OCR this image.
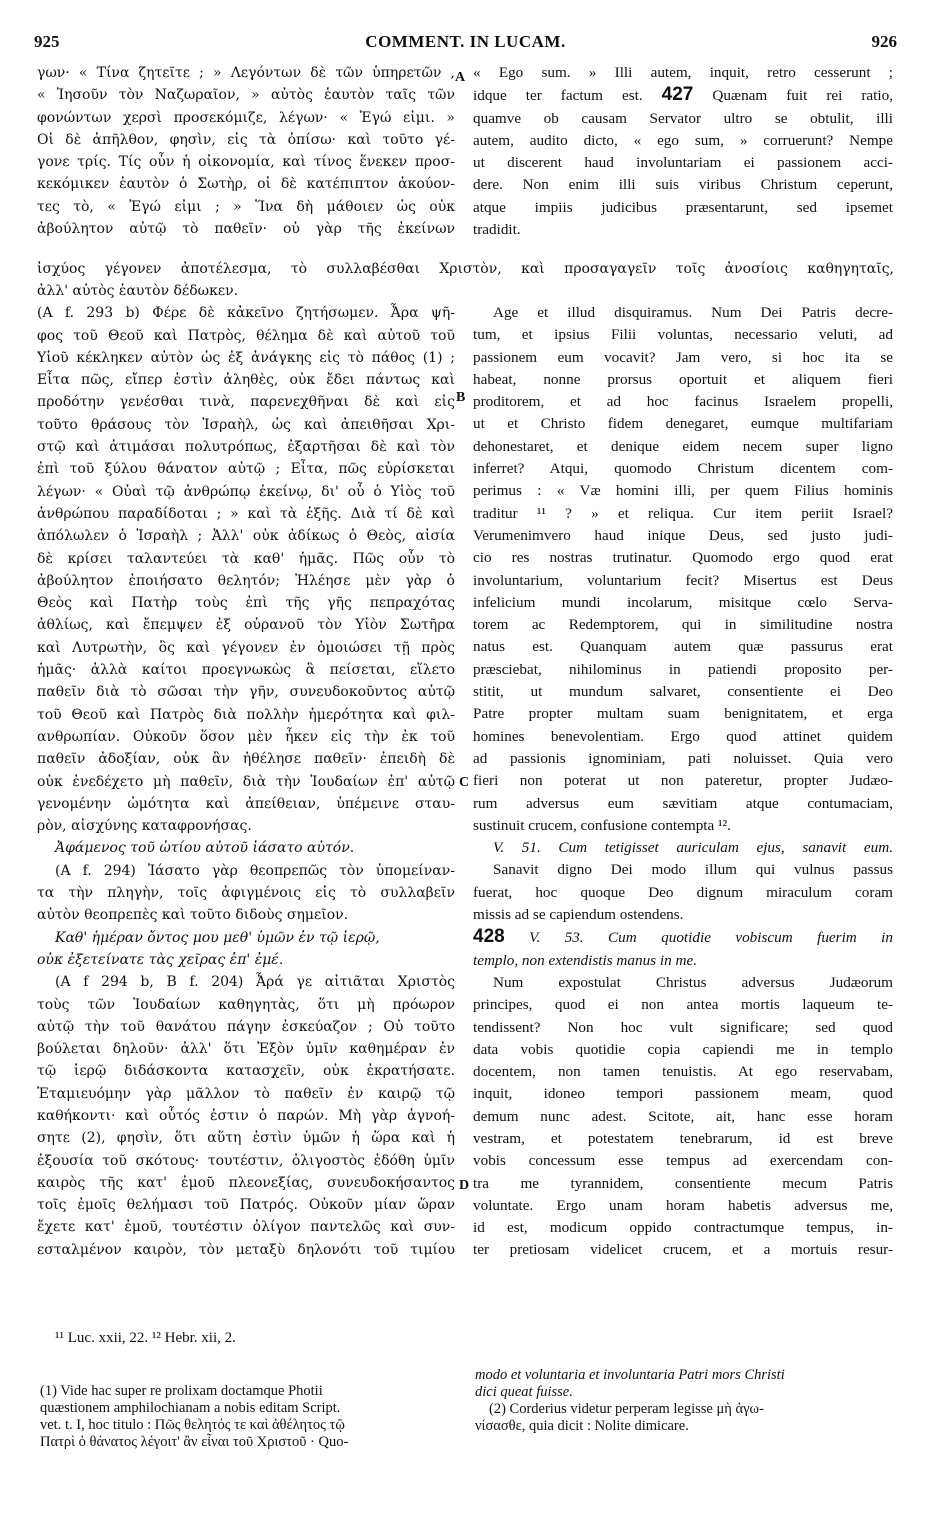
925	COMMENT. IN LUCAM.	926

γων· « Τίνα ζητεῖτε ; » Λεγόντων δὲ τῶν ὑπηρετῶν ,

« Ἰησοῦν τὸν Ναζωραῖον, » αὐτὸς ἑαυτὸν ταῖς τῶν

φονώντων χερσὶ προσεκόμιζε, λέγων· « Ἐγώ εἰμι. »

Οἱ δὲ ἀπῆλθον, φησὶν, εἰς τὰ ὀπίσω· καὶ τοῦτο γέ-

γονε τρίς. Τίς οὖν ἡ οἰκονομία, καὶ τίνος ἕνεκεν προσ-

κεκόμικεν ἑαυτὸν ὁ Σωτὴρ, οἱ δὲ κατέπιπτον ἀκούον-

τες τὸ, « Ἐγώ εἰμι ; » Ἵνα δὴ μάθοιεν ὡς οὐκ

ἀβούλητον αὐτῷ τὸ παθεῖν· οὐ γὰρ τῆς ἐκείνων

« Ego sum. » Illi autem, inquit, retro cesserunt ;

idque ter factum est. 427 Quænam fuit rei ratio,

quamve ob causam Servator ultro se obtulit, illi

autem, audito dicto, « ego sum, » corruerunt? Nempe

ut discerent haud involuntariam ei passionem acci-

dere. Non enim illi suis viribus Christum ceperunt,

atque impiis judicibus præsentarunt, sed ipsemet

tradidit.

ἰσχύος γέγονεν ἀποτέλεσμα, τὸ συλλαβέσθαι Χριστὸν, καὶ προσαγαγεῖν τοῖς ἀνοσίοις καθηγηταῖς,
A
B
C
D

ἀλλ' αὐτὸς ἑαυτὸν δέδωκεν.

(A f. 293 b) Φέρε δὲ κἀκεῖνο ζητήσωμεν. Ἆρα ψῆ-

φος τοῦ Θεοῦ καὶ Πατρὸς, θέλημα δὲ καὶ αὐτοῦ τοῦ

Υἱοῦ κέκληκεν αὐτὸν ὡς ἐξ ἀνάγκης εἰς τὸ πάθος (1) ;

Εἶτα πῶς, εἴπερ ἐστὶν ἀληθὲς, οὐκ ἔδει πάντως καὶ

προδότην γενέσθαι τινὰ, παρενεχθῆναι δὲ καὶ εἰς

τοῦτο θράσους τὸν Ἰσραὴλ, ὡς καὶ ἀπειθῆσαι Χρι-

στῷ καὶ ἀτιμάσαι πολυτρόπως, ἐξαρτῆσαι δὲ καὶ τὸν

ἐπὶ τοῦ ξύλου θάνατον αὐτῷ ; Εἶτα, πῶς εὑρίσκεται

λέγων· « Οὐαὶ τῷ ἀνθρώπῳ ἐκείνῳ, δι' οὗ ὁ Υἱὸς τοῦ

ἀνθρώπου παραδίδοται ; » καὶ τὰ ἑξῆς. Διὰ τί δὲ καὶ

ἀπόλωλεν ὁ Ἰσραὴλ ; Ἀλλ' οὐκ ἀδίκως ὁ Θεὸς, αἰσία

δὲ κρίσει ταλαντεύει τὰ καθ' ἡμᾶς. Πῶς οὖν τὸ

ἀβούλητον ἐποιήσατο θελητόν; Ἠλέησε μὲν γὰρ ὁ

Θεὸς καὶ Πατὴρ τοὺς ἐπὶ τῆς γῆς πεπραχότας

ἀθλίως, καὶ ἔπεμψεν ἐξ οὐρανοῦ τὸν Υἱὸν Σωτῆρα

καὶ Λυτρωτὴν, ὃς καὶ γέγονεν ἐν ὁμοιώσει τῇ πρὸς

ἡμᾶς· ἀλλὰ καίτοι προεγνωκὼς ἃ πείσεται, εἵλετο

παθεῖν διὰ τὸ σῶσαι τὴν γῆν, συνευδοκοῦντος αὐτῷ

τοῦ Θεοῦ καὶ Πατρὸς διὰ πολλὴν ἡμερότητα καὶ φιλ-

ανθρωπίαν. Οὐκοῦν ὅσον μὲν ἧκεν εἰς τὴν ἐκ τοῦ

παθεῖν ἀδοξίαν, οὐκ ἂν ἠθέλησε παθεῖν· ἐπειδὴ δὲ

οὐκ ἐνεδέχετο μὴ παθεῖν, διὰ τὴν Ἰουδαίων ἐπ' αὐτῷ

γενομένην ὠμότητα καὶ ἀπείθειαν, ὑπέμεινε σταυ-

ρὸν, αἰσχύνης καταφρονήσας.

Ἀφάμενος τοῦ ὠτίου αὐτοῦ ἰάσατο αὐτόν.

(A f. 294) Ἰάσατο γὰρ θεοπρεπῶς τὸν ὑπομείναν-

τα τὴν πληγὴν, τοῖς ἀφιγμένοις εἰς τὸ συλλαβεῖν

αὐτὸν θεοπρεπὲς καὶ τοῦτο διδοὺς σημεῖον.

Καθ' ἡμέραν ὄντος μου μεθ' ὑμῶν ἐν τῷ ἱερῷ,

οὐκ ἐξετείνατε τὰς χεῖρας ἐπ' ἐμέ.

(A f 294 b, B f. 204) Ἆρά γε αἰτιᾶται Χριστὸς

τοὺς τῶν Ἰουδαίων καθηγητὰς, ὅτι μὴ πρόωρον

αὐτῷ τὴν τοῦ θανάτου πάγην ἐσκεύαζον ; Οὐ τοῦτο

βούλεται δηλοῦν· ἀλλ' ὅτι Ἐξὸν ὑμῖν καθημέραν ἐν

τῷ ἱερῷ διδάσκοντα κατασχεῖν, οὐκ ἐκρατήσατε.

Ἐταμιευόμην γὰρ μᾶλλον τὸ παθεῖν ἐν καιρῷ τῷ

καθήκοντι· καὶ οὗτός ἐστιν ὁ παρών. Μὴ γὰρ ἀγνοή-

σητε (2), φησὶν, ὅτι αὕτη ἐστὶν ὑμῶν ἡ ὥρα καὶ ἡ

ἐξουσία τοῦ σκότους· τουτέστιν, ὀλιγοστὸς ἐδόθη ὑμῖν

καιρὸς τῆς κατ' ἐμοῦ πλεονεξίας, συνευδοκήσαντος

τοῖς ἐμοῖς θελήμασι τοῦ Πατρός. Οὐκοῦν μίαν ὥραν

ἔχετε κατ' ἐμοῦ, τουτέστιν ὀλίγον παντελῶς καὶ συν-

εσταλμένον καιρὸν, τὸν μεταξὺ δηλονότι τοῦ τιμίου

Age et illud disquiramus. Num Dei Patris decre-

tum, et ipsius Filii voluntas, necessario veluti, ad

passionem eum vocavit? Jam vero, si hoc ita se

habeat, nonne prorsus oportuit et aliquem fieri

proditorem, et ad hoc facinus Israelem propelli,

ut et Christo fidem denegaret, eumque multifariam

dehonestaret, et denique eidem necem super ligno

inferret? Atqui, quomodo Christum dicentem com-

perimus : « Væ homini illi, per quem Filius hominis

traditur ¹¹ ? » et reliqua. Cur item periit Israel?

Verumenimvero haud inique Deus, sed justo judi-

cio res nostras trutinatur. Quomodo ergo quod erat

involuntarium, voluntarium fecit? Misertus est Deus

infelicium mundi incolarum, misitque cœlo Serva-

torem ac Redemptorem, qui in similitudine nostra

natus est. Quanquam autem quæ passurus erat

præsciebat, nihilominus in patiendi proposito per-

stitit, ut mundum salvaret, consentiente ei Deo

Patre propter multam suam benignitatem, et erga

homines benevolentiam. Ergo quod attinet quidem

ad passionis ignominiam, pati noluisset. Quia vero

fieri non poterat ut non pateretur, propter Judæo-

rum adversus eum sævitiam atque contumaciam,

sustinuit crucem, confusione contempta ¹².

V. 51. Cum tetigisset auriculam ejus, sanavit eum.

Sanavit digno Dei modo illum qui vulnus passus

fuerat, hoc quoque Deo dignum miraculum coram

missis ad se capiendum ostendens.

428 V. 53. Cum quotidie vobiscum fuerim in

templo, non extendistis manus in me.

Num expostulat Christus adversus Judæorum

principes, quod ei non antea mortis laqueum te-

tendissent? Non hoc vult significare; sed quod

data vobis quotidie copia capiendi me in templo

docentem, non tamen tenuistis. At ego reservabam,

inquit, idoneo tempori passionem meam, quod

demum nunc adest. Scitote, ait, hanc esse horam

vestram, et potestatem tenebrarum, id est breve

vobis concessum esse tempus ad exercendam con-

tra me tyrannidem, consentiente mecum Patris

voluntate. Ergo unam horam habetis adversus me,

id est, modicum oppido contractumque tempus, in-

ter pretiosam videlicet crucem, et a mortuis resur-

¹¹ Luc. xxii, 22. ¹² Hebr. xii, 2.

(1) Vide hac super re prolixam doctamque Photii

quæstionem amphilochianam a nobis editam Script.

vet. t. I, hoc titulo : Πῶς θελητός τε καὶ ἀθέλητος τῷ

Πατρὶ ὁ θάνατος λέγοιτ' ἂν εἶναι τοῦ Χριστοῦ · Quo-

modo et voluntaria et involuntaria Patri mors Christi

dici queat fuisse.

(2) Corderius videtur perperam legisse μὴ ἀγω-

νίσασθε, quia dicit : Nolite dimicare.
